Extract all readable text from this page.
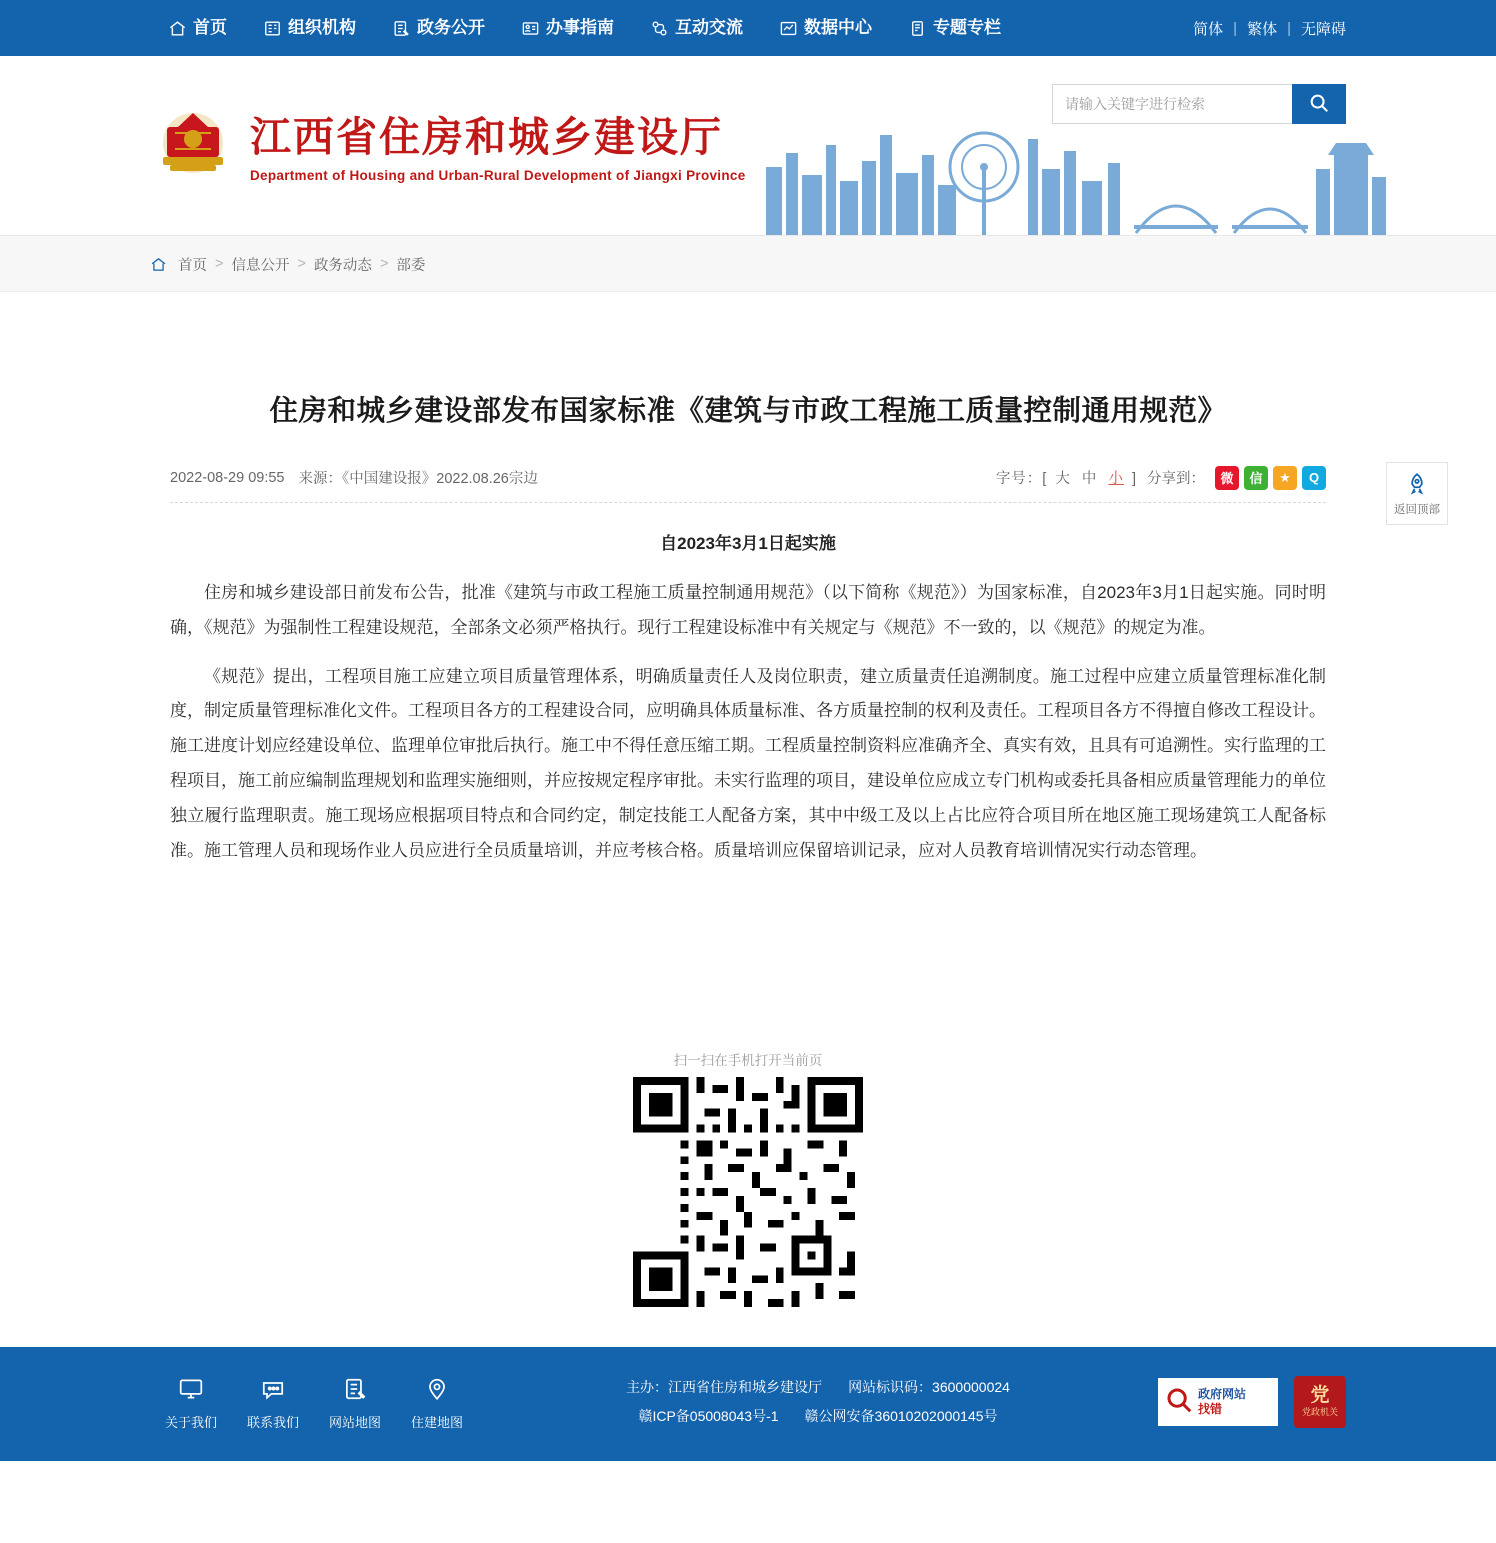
首页	组织机构	政务公开	办事指南	互动交流	数据中心	专题专栏	简体 | 繁体 | 无障碍
江西省住房和城乡建设厅
Department of Housing and Urban-Rural Development of Jiangxi Province
请输入关键字进行检索
首页 > 信息公开 > 政务动态 > 部委
住房和城乡建设部发布国家标准《建筑与市政工程施工质量控制通用规范》
2022-08-29 09:55 来源：《中国建设报》2022.08.26宗边	字号：[ 大 中 小 ] 分享到：	微	信	★	Q
自2023年3月1日起实施

住房和城乡建设部日前发布公告，批准《建筑与市政工程施工质量控制通用规范》（以下简称《规范》）为国家标准，自2023年3月1日起实施。同时明确，《规范》为强制性工程建设规范，全部条文必须严格执行。现行工程建设标准中有关规定与《规范》不一致的，以《规范》的规定为准。

《规范》提出，工程项目施工应建立项目质量管理体系，明确质量责任人及岗位职责，建立质量责任追溯制度。施工过程中应建立质量管理标准化制度，制定质量管理标准化文件。工程项目各方的工程建设合同，应明确具体质量标准、各方质量控制的权利及责任。工程项目各方不得擅自修改工程设计。施工进度计划应经建设单位、监理单位审批后执行。施工中不得任意压缩工期。工程质量控制资料应准确齐全、真实有效，且具有可追溯性。实行监理的工程项目，施工前应编制监理规划和监理实施细则，并应按规定程序审批。未实行监理的项目，建设单位应成立专门机构或委托具备相应质量管理能力的单位独立履行监理职责。施工现场应根据项目特点和合同约定，制定技能工人配备方案，其中中级工及以上占比应符合项目所在地区施工现场建筑工人配备标准。施工管理人员和现场作业人员应进行全员质量培训，并应考核合格。质量培训应保留培训记录，应对人员教育培训情况实行动态管理。

返回顶部
扫一扫在手机打开当前页
关于我们	联系我们	网站地图	住建地图
主办：江西省住房和城乡建设厅 网站标识码：3600000024
赣ICP备05008043号-1 赣公网安备36010202000145号
政府网站
找错
党
党政机关
